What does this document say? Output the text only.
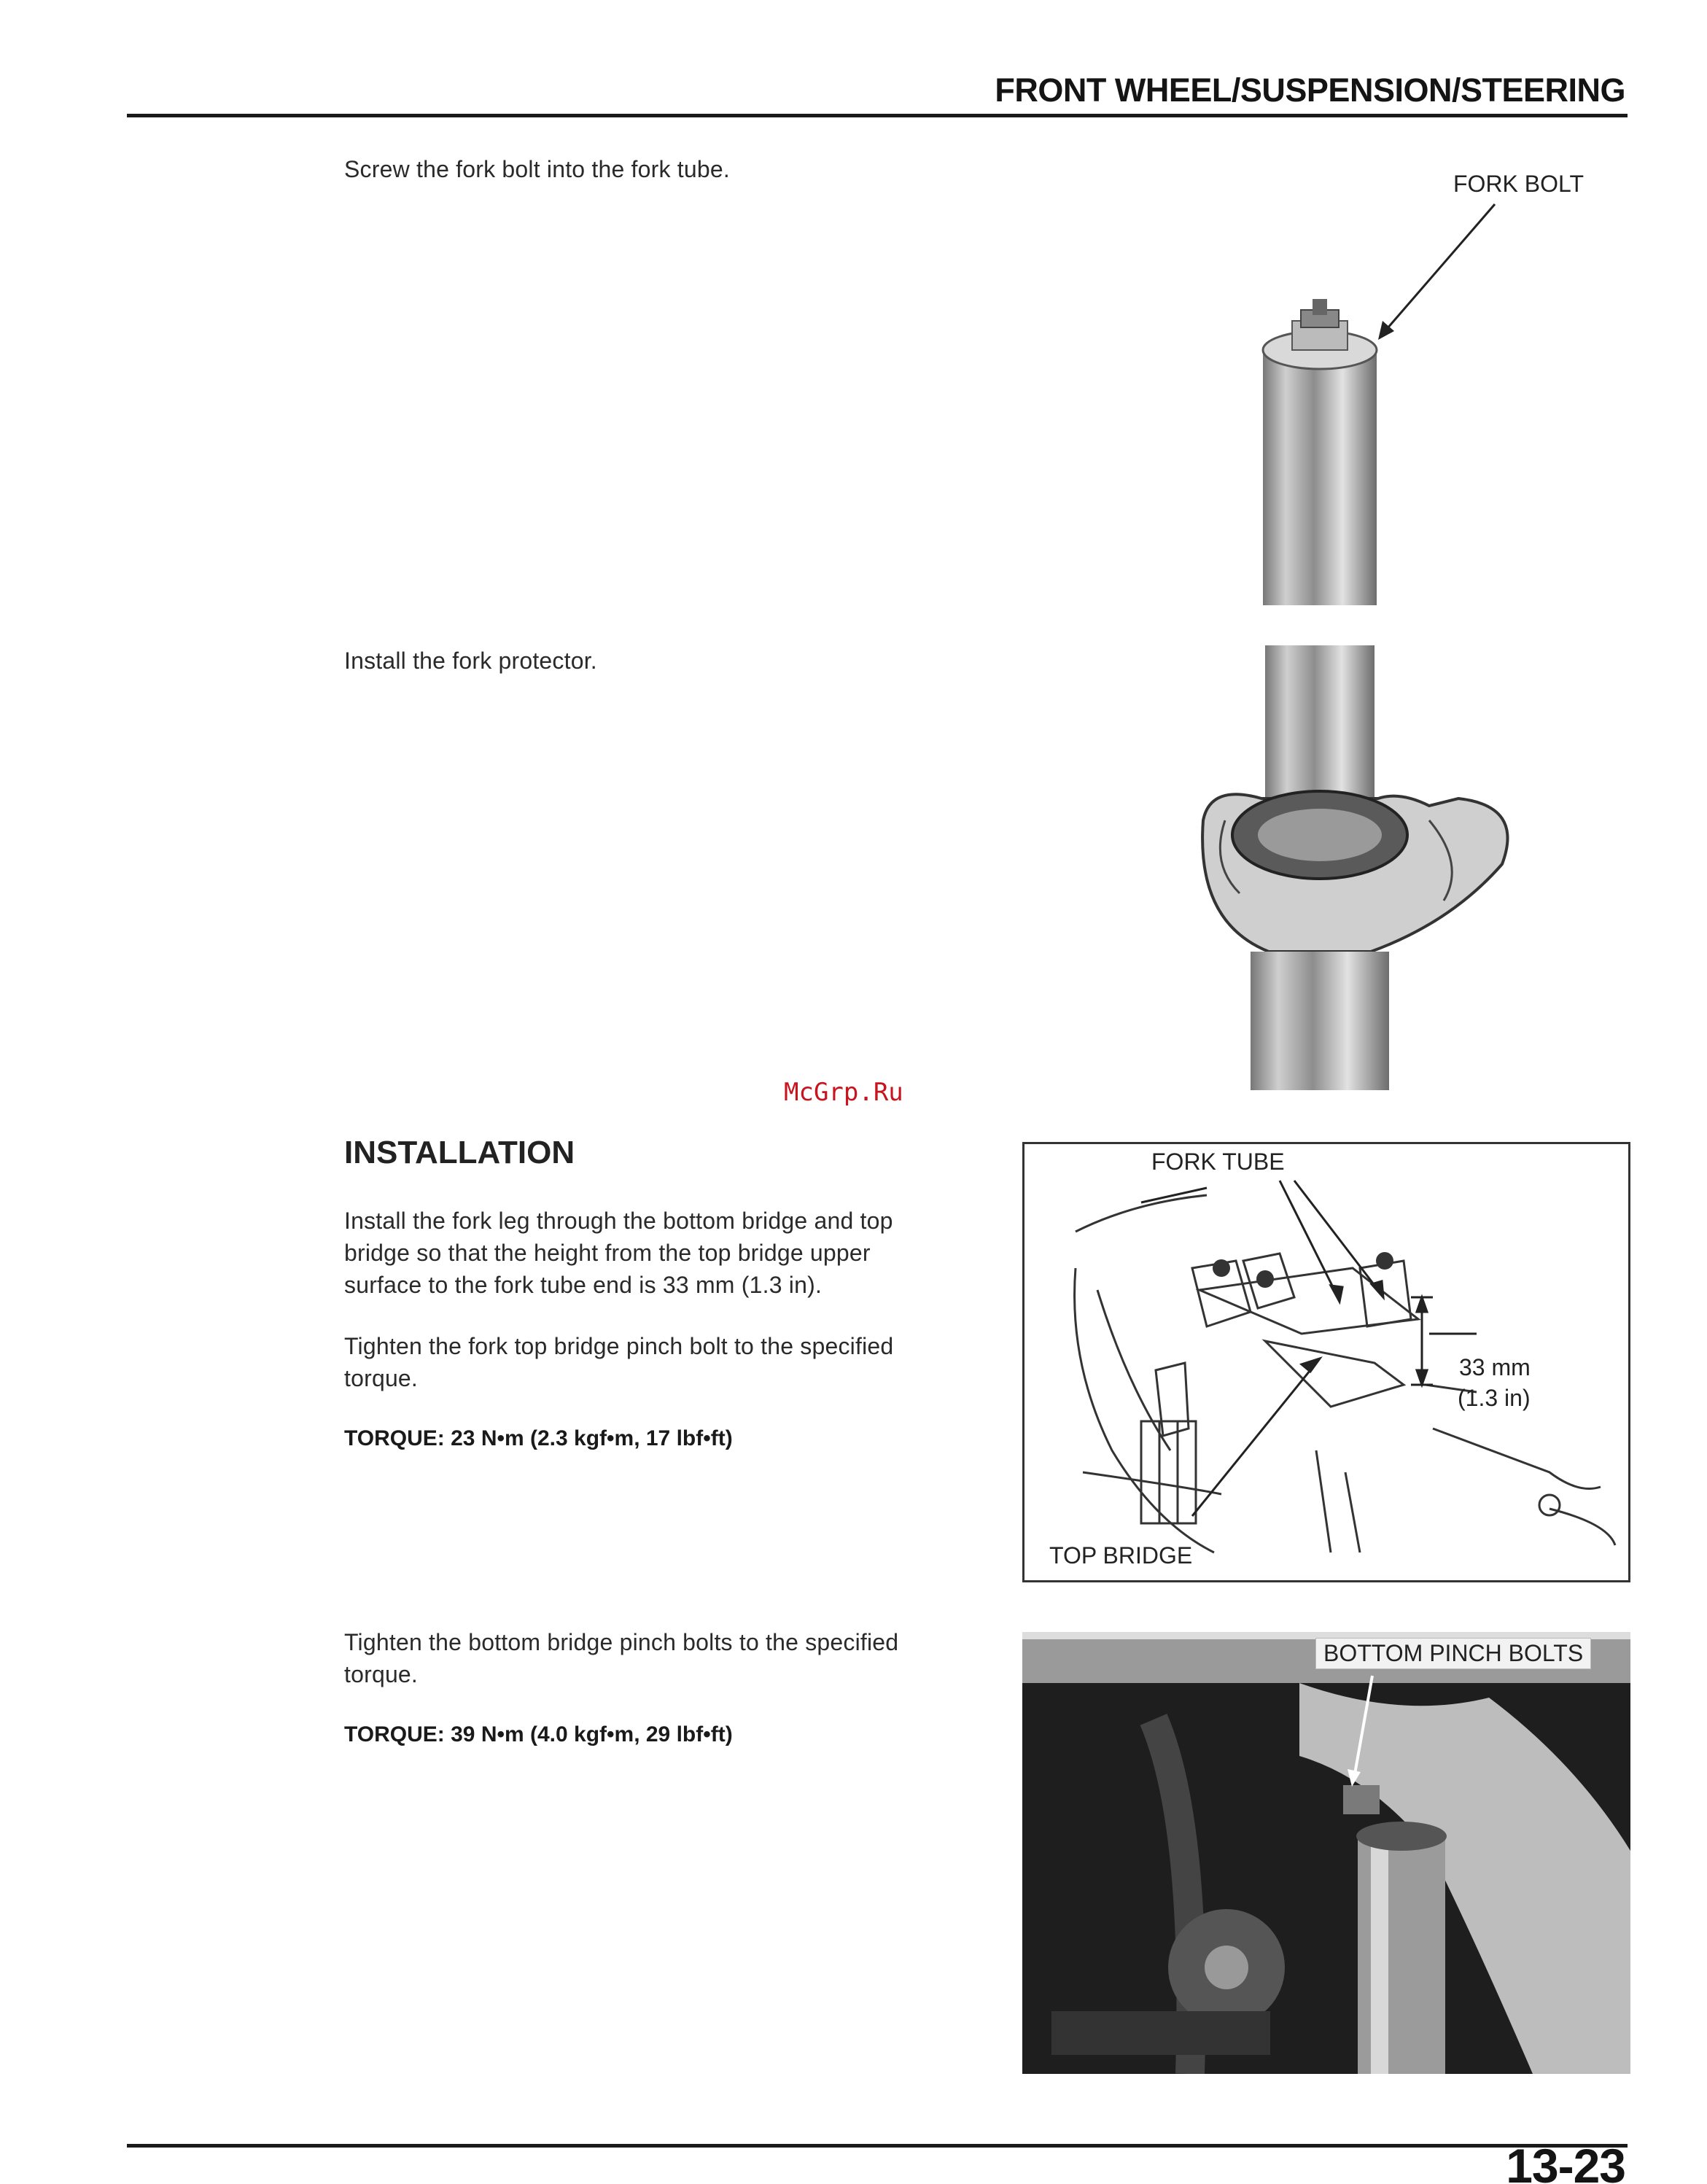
FRONT WHEEL/SUSPENSION/STEERING
Screw the fork bolt into the fork tube.
FORK BOLT
Install the fork protector.
McGrp.Ru
INSTALLATION
Install the fork leg through the bottom bridge and top
bridge so that the height from the top bridge upper
surface to the fork tube end is 33 mm (1.3 in).
Tighten the fork top bridge pinch bolt to the specified
torque.
TORQUE: 23 N•m (2.3 kgf•m, 17 lbf•ft)
FORK TUBE
33 mm
(1.3 in)
TOP BRIDGE
Tighten the bottom bridge pinch bolts to the specified
torque.
TORQUE: 39 N•m (4.0 kgf•m, 29 lbf•ft)
BOTTOM PINCH BOLTS
13-23
